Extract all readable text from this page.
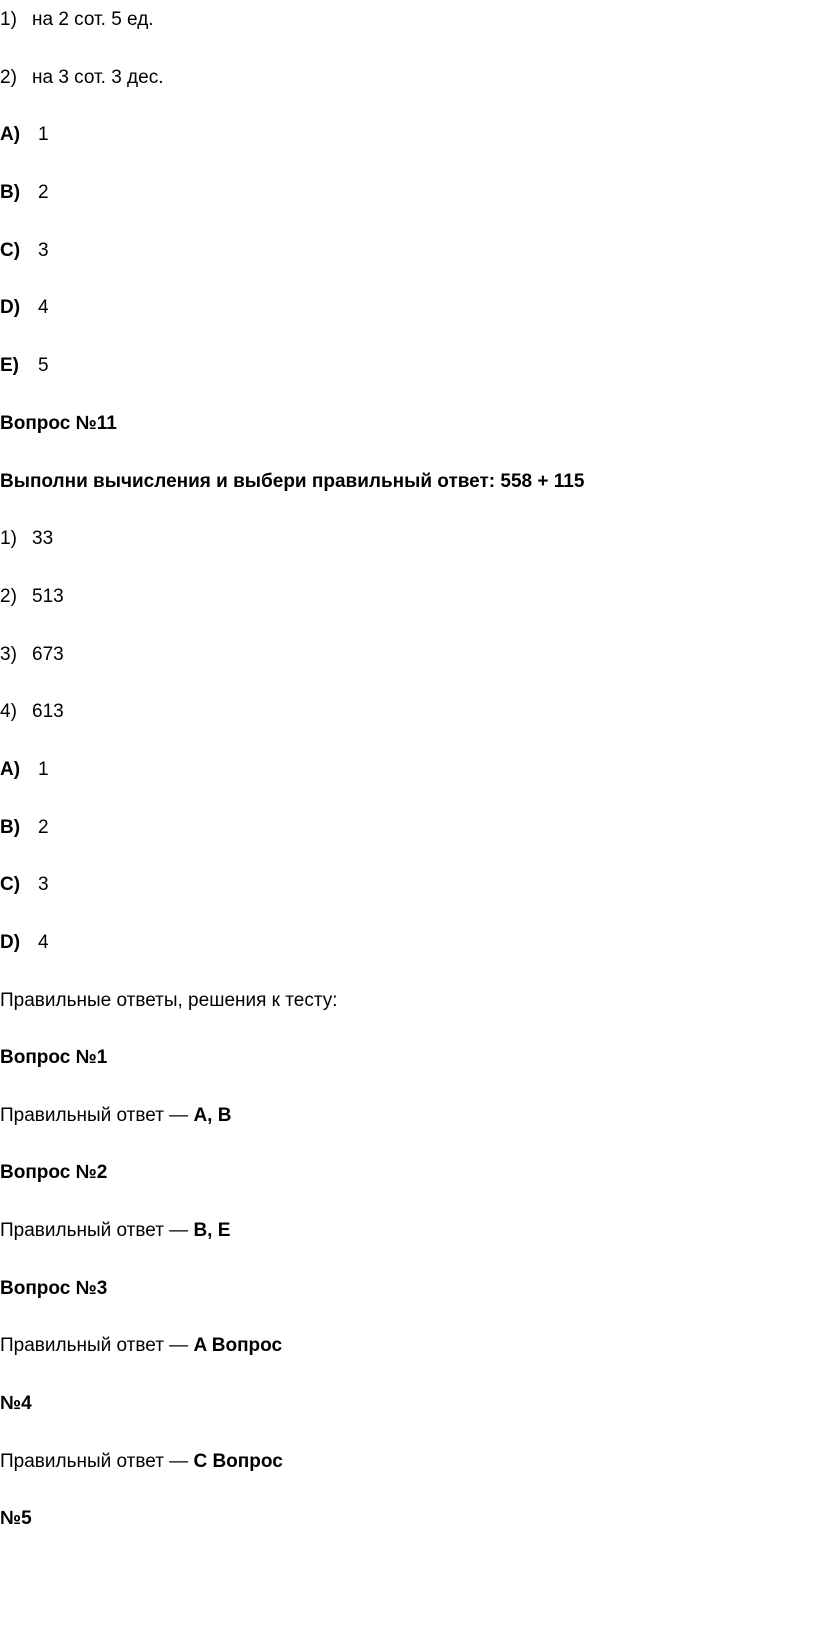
1) на 2 сот. 5 ед.
2) на 3 сот. 3 дес.
A) 1
B) 2
C) 3
D) 4
E) 5
Вопрос №11
Выполни вычисления и выбери правильный ответ: 558 + 115
1) 33
2) 513
3) 673
4) 613
A) 1
B) 2
C) 3
D) 4
Правильные ответы, решения к тесту:
Вопрос №1
Правильный ответ — A, B
Вопрос №2
Правильный ответ — B, E
Вопрос №3
Правильный ответ — A Вопрос
№4
Правильный ответ — C Вопрос
№5
